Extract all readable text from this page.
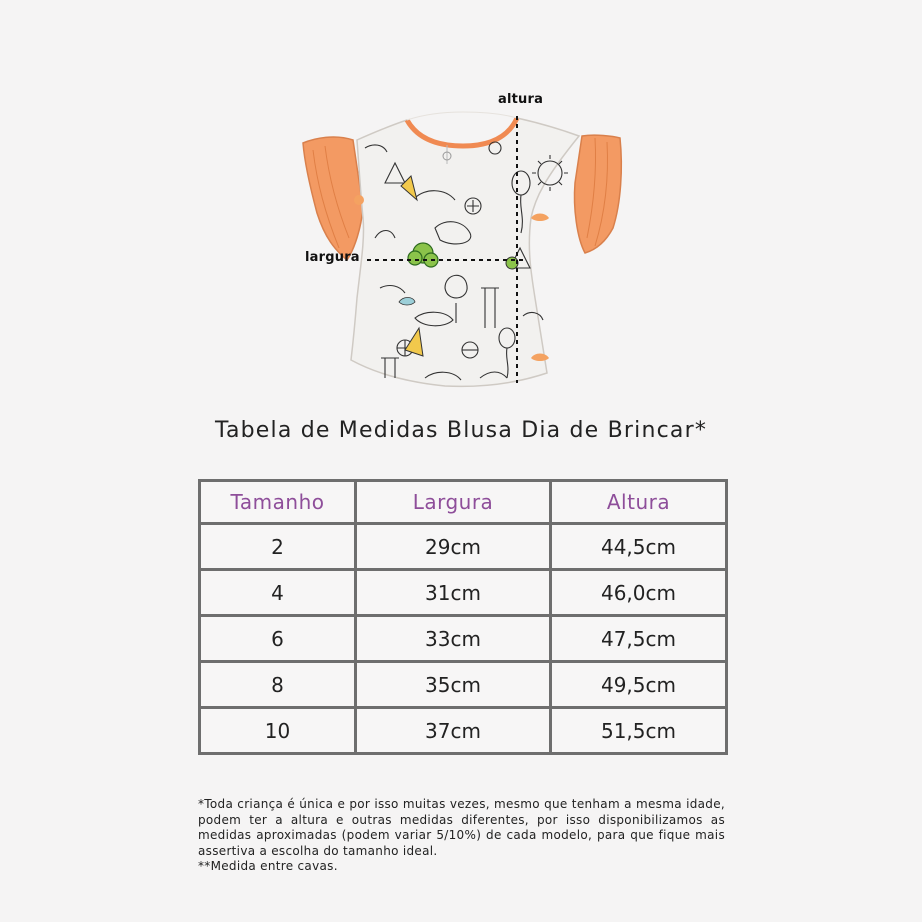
altura
largura
Tabela de Medidas Blusa Dia de Brincar*
Tamanho	Largura	Altura
2	29cm	44,5cm
4	31cm	46,0cm
6	33cm	47,5cm
8	35cm	49,5cm
10	37cm	51,5cm

*Toda criança é única e por isso muitas vezes, mesmo que tenham a mesma idade, podem ter a altura e outras medidas diferentes, por isso disponibilizamos as medidas aproximadas (podem variar 5/10%) de cada modelo, para que fique mais assertiva a escolha do tamanho ideal.

**Medida entre cavas.
